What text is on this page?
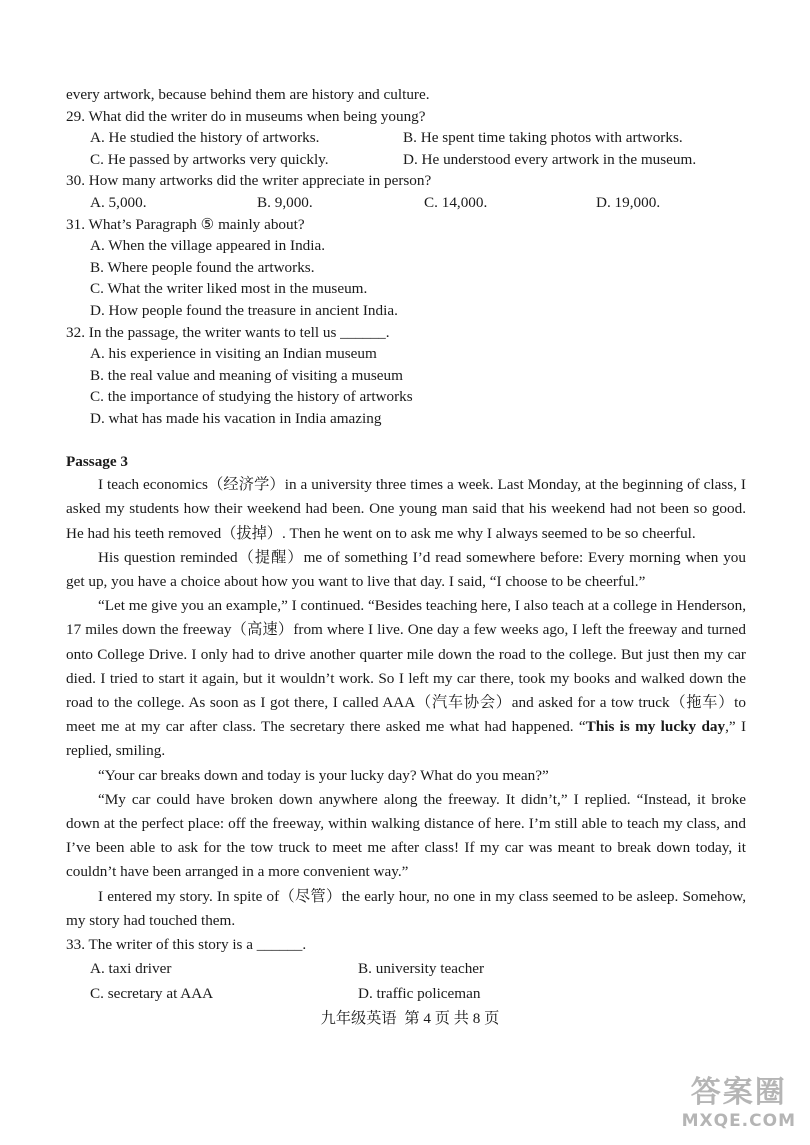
every artwork, because behind them are history and culture.
29. What did the writer do in museums when being young?
A. He studied the history of artworks.	B. He spent time taking photos with artworks.
C. He passed by artworks very quickly.	D. He understood every artwork in the museum.
30. How many artworks did the writer appreciate in person?
A. 5,000.	B. 9,000.	C. 14,000.	D. 19,000.
31. What’s Paragraph ⑤ mainly about?
A. When the village appeared in India.
B. Where people found the artworks.
C. What the writer liked most in the museum.
D. How people found the treasure in ancient India.
32. In the passage, the writer wants to tell us ______.
A. his experience in visiting an Indian museum
B. the real value and meaning of visiting a museum
C. the importance of studying the history of artworks
D. what has made his vacation in India amazing
Passage 3

I teach economics（经济学）in a university three times a week. Last Monday, at the beginning of class, I asked my students how their weekend had been. One young man said that his weekend had not been so good. He had his teeth removed（拔掉）. Then he went on to ask me why I always seemed to be so cheerful.

His question reminded（提醒）me of something I’d read somewhere before: Every morning when you get up, you have a choice about how you want to live that day. I said, “I choose to be cheerful.”

“Let me give you an example,” I continued. “Besides teaching here, I also teach at a college in Henderson, 17 miles down the freeway（高速）from where I live. One day a few weeks ago, I left the freeway and turned onto College Drive. I only had to drive another quarter mile down the road to the college. But just then my car died. I tried to start it again, but it wouldn’t work. So I left my car there, took my books and walked down the road to the college. As soon as I got there, I called AAA（汽车协会）and asked for a tow truck（拖车）to meet me at my car after class. The secretary there asked me what had happened. “This is my lucky day,” I replied, smiling.

“Your car breaks down and today is your lucky day? What do you mean?”

“My car could have broken down anywhere along the freeway. It didn’t,” I replied. “Instead, it broke down at the perfect place: off the freeway, within walking distance of here. I’m still able to teach my class, and I’ve been able to ask for the tow truck to meet me after class! If my car was meant to break down today, it couldn’t have been arranged in a more convenient way.”

I entered my story. In spite of（尽管）the early hour, no one in my class seemed to be asleep. Somehow, my story had touched them.

33. The writer of this story is a ______.
A. taxi driver	B. university teacher
C. secretary at AAA	D. traffic policeman
九年级英语 第 4 页 共 8 页
答案圈
MXQE.COM
